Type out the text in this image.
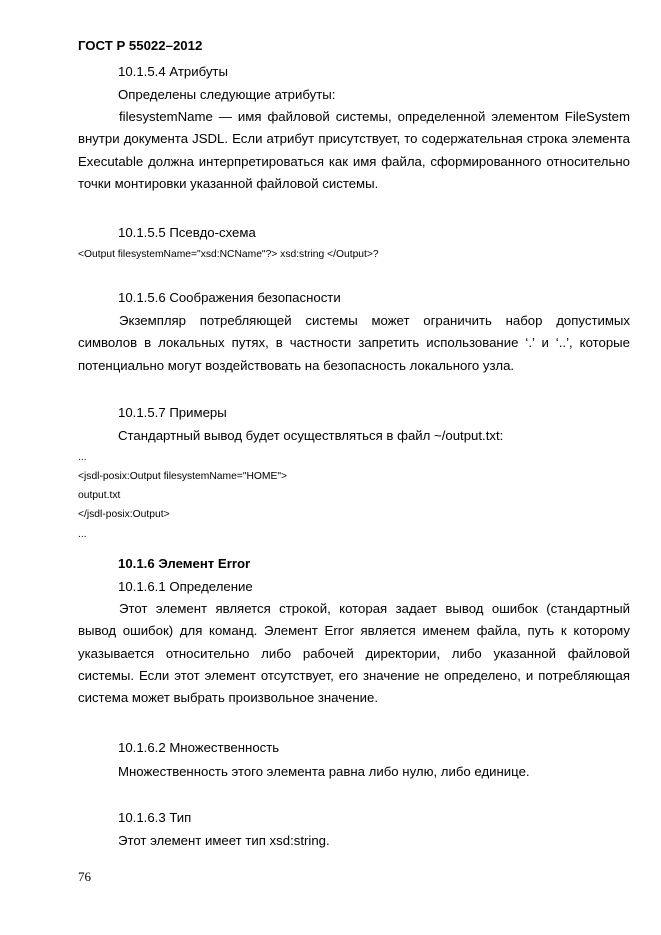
ГОСТ Р 55022–2012
10.1.5.4 Атрибуты
Определены следующие атрибуты:
filesystemName — имя файловой системы, определенной элементом FileSystem внутри документа JSDL. Если атрибут присутствует, то содержательная строка элемента Executable должна интерпретироваться как имя файла, сформированного относительно точки монтировки указанной файловой системы.
10.1.5.5 Псевдо-схема
<Output filesystemName="xsd:NCName"?> xsd:string </Output>?
10.1.5.6 Соображения безопасности
Экземпляр потребляющей системы может ограничить набор допустимых символов в локальных путях, в частности запретить использование ‘.’ и ‘..’, которые потенциально могут воздействовать на безопасность локального узла.
10.1.5.7 Примеры
Стандартный вывод будет осуществляться в файл ~/output.txt:
...
<jsdl-posix:Output filesystemName="HOME">
output.txt
</jsdl-posix:Output>
...
10.1.6 Элемент Error
10.1.6.1 Определение
Этот элемент является строкой, которая задает вывод ошибок (стандартный вывод ошибок) для команд. Элемент Error является именем файла, путь к которому указывается относительно либо рабочей директории, либо указанной файловой системы. Если этот элемент отсутствует, его значение не определено, и потребляющая система может выбрать произвольное значение.
10.1.6.2 Множественность
Множественность этого элемента равна либо нулю, либо единице.
10.1.6.3 Тип
Этот элемент имеет тип xsd:string.
76
